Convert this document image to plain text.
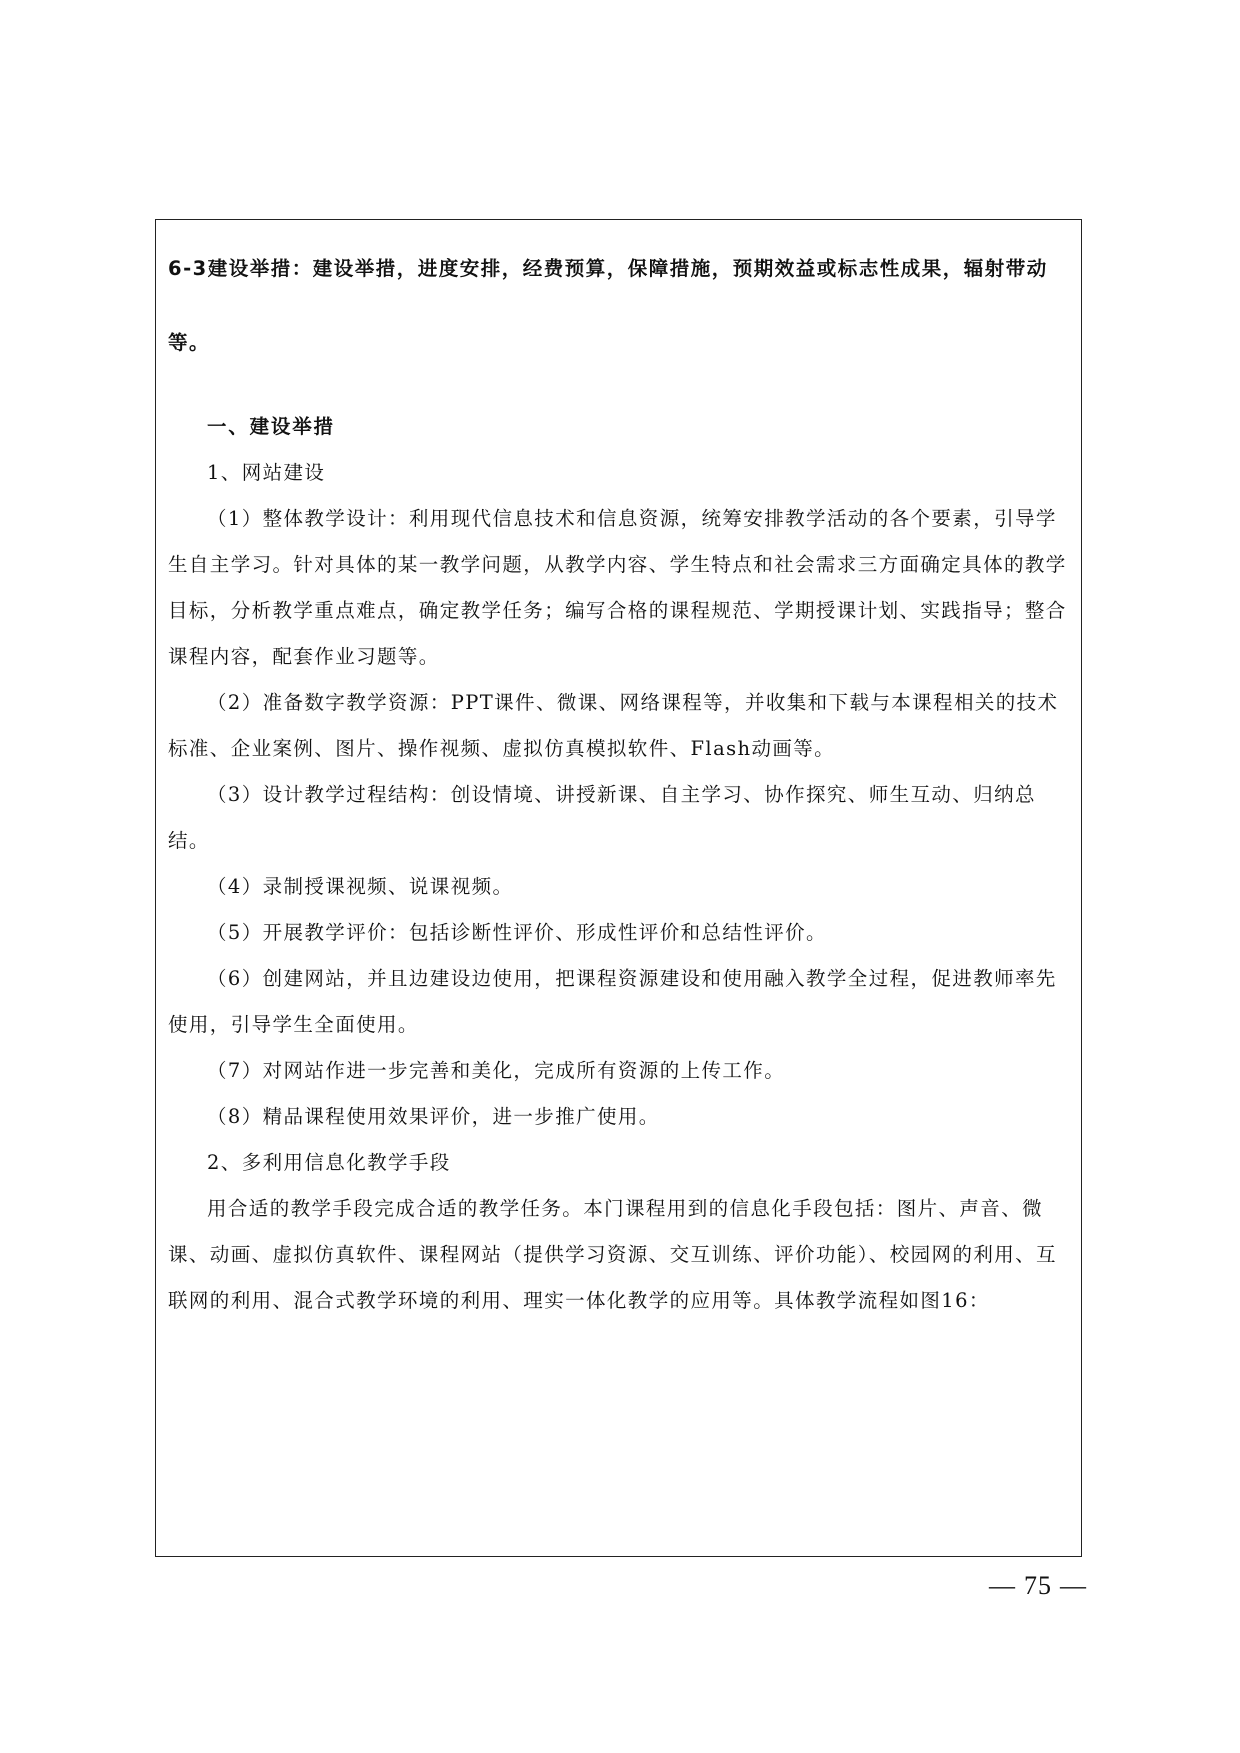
6-3建设举措：建设举措，进度安排，经费预算，保障措施，预期效益或标志性成果，辐射带动等。

一、建设举措

1、网站建设

（1）整体教学设计：利用现代信息技术和信息资源，统筹安排教学活动的各个要素，引导学生自主学习。针对具体的某一教学问题，从教学内容、学生特点和社会需求三方面确定具体的教学目标，分析教学重点难点，确定教学任务；编写合格的课程规范、学期授课计划、实践指导；整合课程内容，配套作业习题等。

（2）准备数字教学资源：PPT课件、微课、网络课程等，并收集和下载与本课程相关的技术标准、企业案例、图片、操作视频、虚拟仿真模拟软件、Flash动画等。

（3）设计教学过程结构：创设情境、讲授新课、自主学习、协作探究、师生互动、归纳总结。

（4）录制授课视频、说课视频。

（5）开展教学评价：包括诊断性评价、形成性评价和总结性评价。

（6）创建网站，并且边建设边使用，把课程资源建设和使用融入教学全过程，促进教师率先使用，引导学生全面使用。

（7）对网站作进一步完善和美化，完成所有资源的上传工作。

（8）精品课程使用效果评价，进一步推广使用。

2、多利用信息化教学手段

用合适的教学手段完成合适的教学任务。本门课程用到的信息化手段包括：图片、声音、微课、动画、虚拟仿真软件、课程网站（提供学习资源、交互训练、评价功能）、校园网的利用、互联网的利用、混合式教学环境的利用、理实一体化教学的应用等。具体教学流程如图16：

— 75 —
